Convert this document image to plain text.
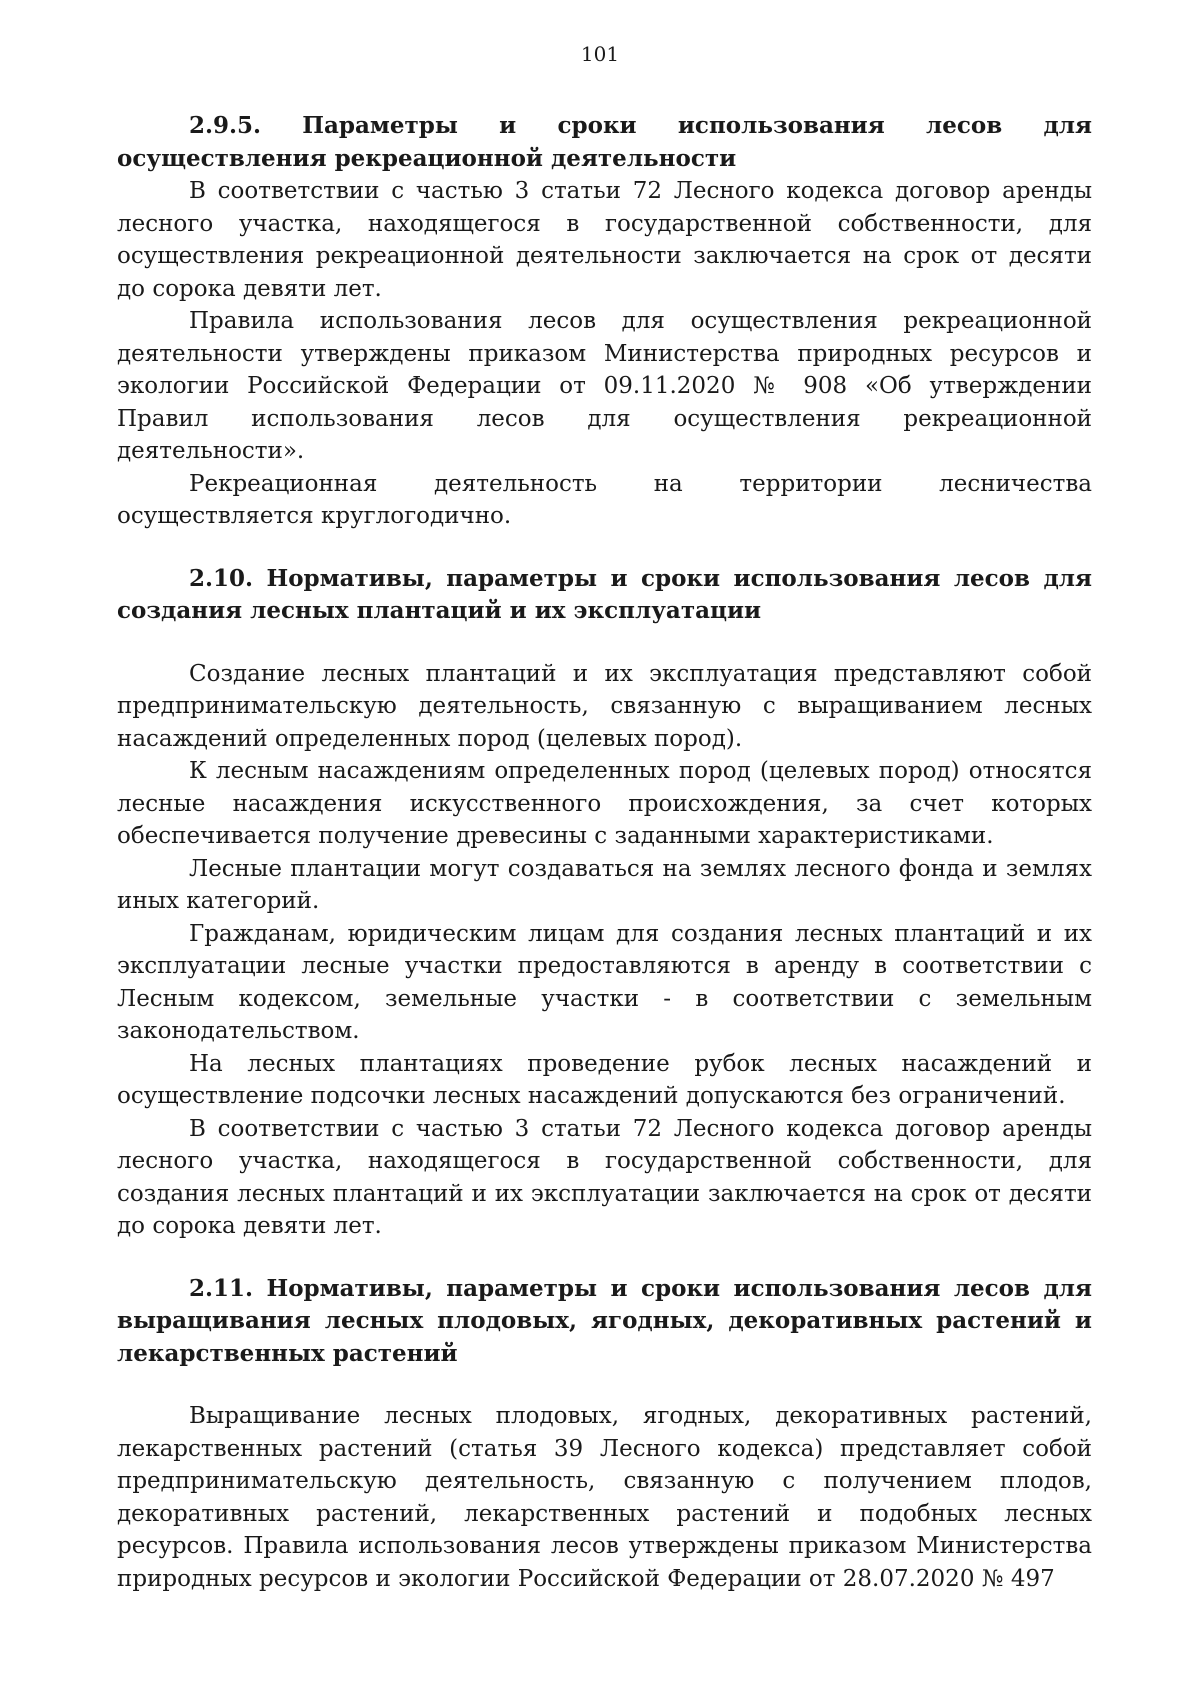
101
2.9.5. Параметры и сроки использования лесов для осуществления рекреационной деятельности

В соответствии с частью 3 статьи 72 Лесного кодекса договор аренды лесного участка, находящегося в государственной собственности, для осуществления рекреационной деятельности заключается на срок от десяти до сорока девяти лет.

Правила использования лесов для осуществления рекреационной деятельности утверждены приказом Министерства природных ресурсов и экологии Российской Федерации от 09.11.2020 № 908 «Об утверждении Правил использования лесов для осуществления рекреационной деятельности».

Рекреационная деятельность на территории лесничества осуществляется круглогодично.

2.10. Нормативы, параметры и сроки использования лесов для создания лесных плантаций и их эксплуатации

Создание лесных плантаций и их эксплуатация представляют собой предпринимательскую деятельность, связанную с выращиванием лесных насаждений определенных пород (целевых пород).

К лесным насаждениям определенных пород (целевых пород) относятся лесные насаждения искусственного происхождения, за счет которых обеспечивается получение древесины с заданными характеристиками.

Лесные плантации могут создаваться на землях лесного фонда и землях иных категорий.

Гражданам, юридическим лицам для создания лесных плантаций и их эксплуатации лесные участки предоставляются в аренду в соответствии с Лесным кодексом, земельные участки - в соответствии с земельным законодательством.

На лесных плантациях проведение рубок лесных насаждений и осуществление подсочки лесных насаждений допускаются без ограничений.

В соответствии с частью 3 статьи 72 Лесного кодекса договор аренды лесного участка, находящегося в государственной собственности, для создания лесных плантаций и их эксплуатации заключается на срок от десяти до сорока девяти лет.

2.11. Нормативы, параметры и сроки использования лесов для выращивания лесных плодовых, ягодных, декоративных растений и лекарственных растений

Выращивание лесных плодовых, ягодных, декоративных растений, лекарственных растений (статья 39 Лесного кодекса) представляет собой предпринимательскую деятельность, связанную с получением плодов, декоративных растений, лекарственных растений и подобных лесных ресурсов. Правила использования лесов утверждены приказом Министерства природных ресурсов и экологии Российской Федерации от 28.07.2020 № 497
